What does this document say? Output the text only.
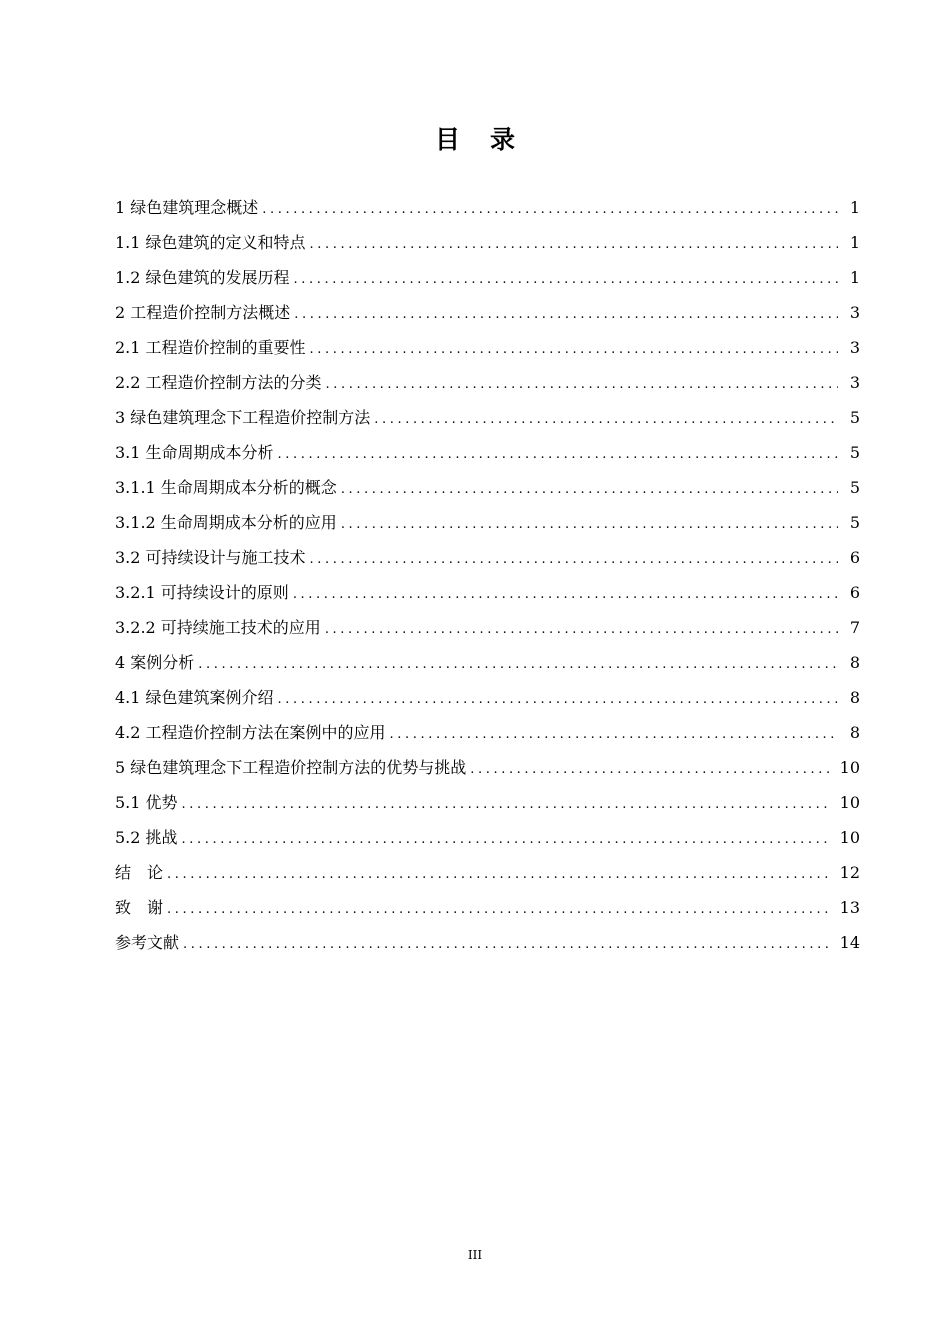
目录
1 绿色建筑理念概述 .....	1
1.1 绿色建筑的定义和特点 .....	1
1.2 绿色建筑的发展历程 .....	1
2 工程造价控制方法概述 .....	3
2.1 工程造价控制的重要性 .....	3
2.2 工程造价控制方法的分类 .....	3
3 绿色建筑理念下工程造价控制方法 .....	5
3.1 生命周期成本分析 .....	5
3.1.1 生命周期成本分析的概念 .....	5
3.1.2 生命周期成本分析的应用 .....	5
3.2 可持续设计与施工技术 .....	6
3.2.1 可持续设计的原则 .....	6
3.2.2 可持续施工技术的应用 .....	7
4 案例分析 .....	8
4.1 绿色建筑案例介绍 .....	8
4.2 工程造价控制方法在案例中的应用 .....	8
5 绿色建筑理念下工程造价控制方法的优势与挑战 .....	10
5.1 优势 .....	10
5.2 挑战 .....	10
结　论 .....	12
致　谢 .....	13
参考文献 .....	14
III
